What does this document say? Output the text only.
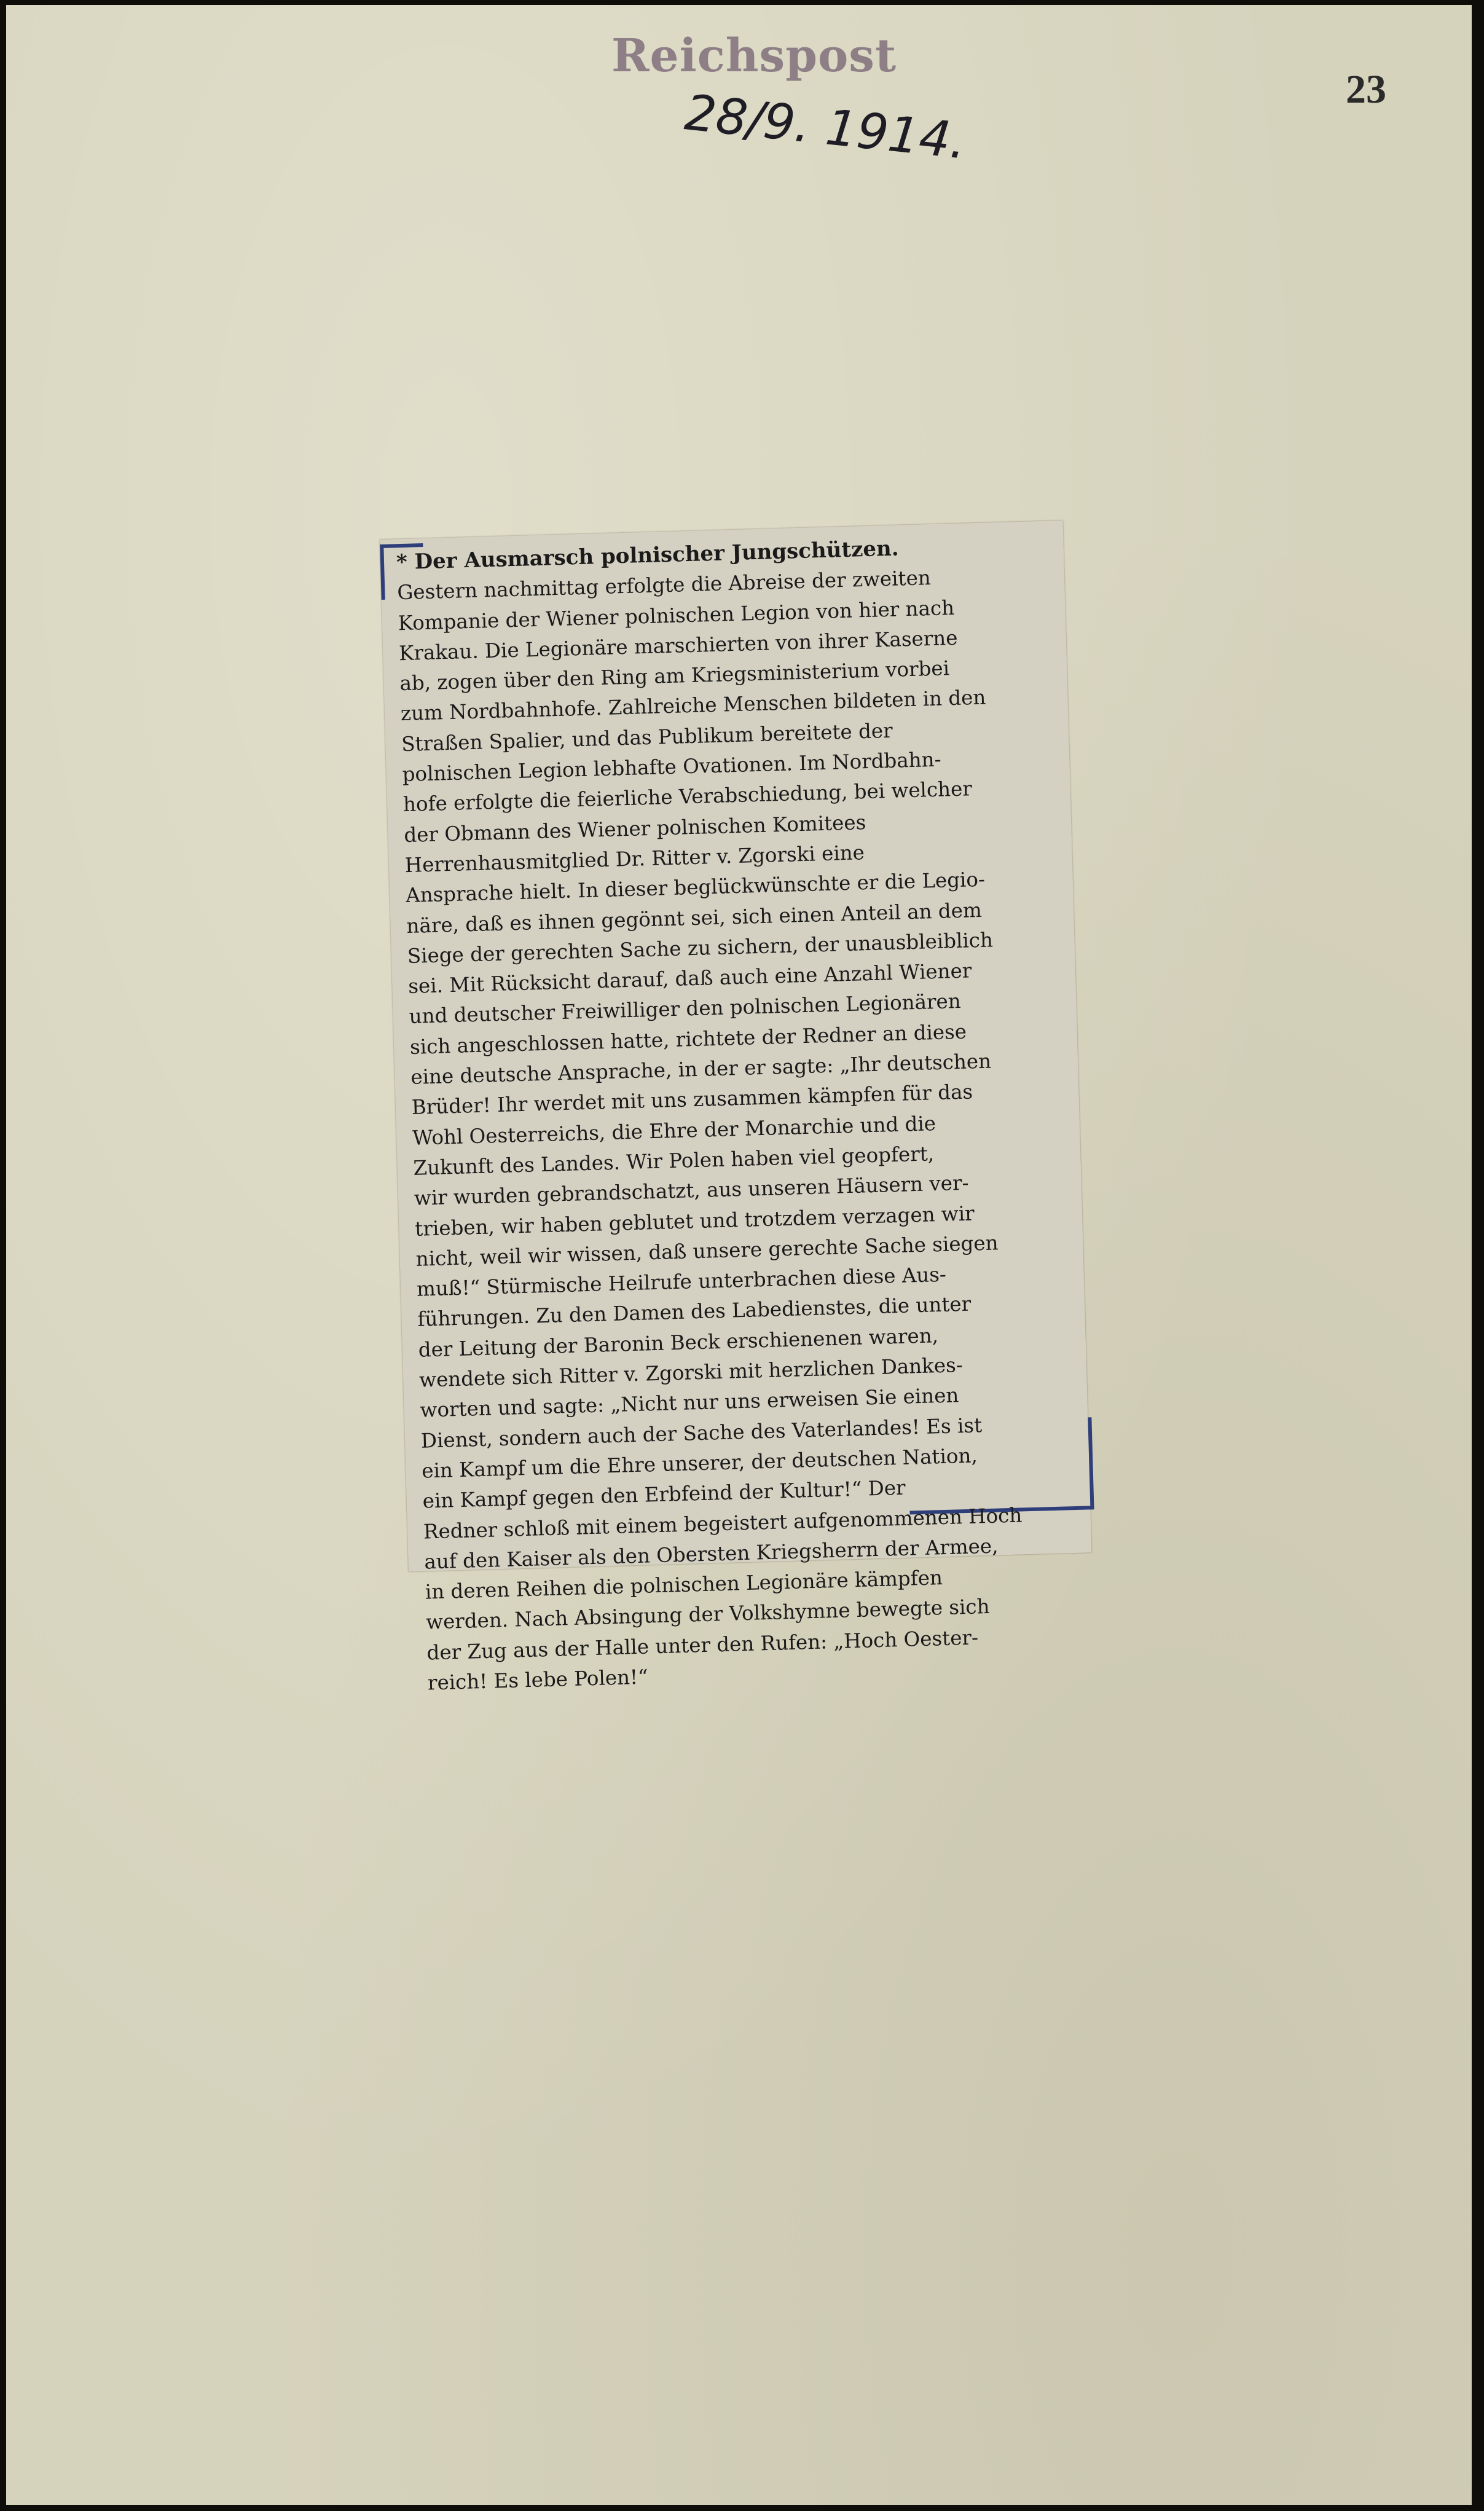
Reichspost
28/9. 1914.	23
* Der Ausmarsch polnischer Jungschützen.
Gestern nachmittag erfolgte die Abreise der zweiten
Kompanie der Wiener polnischen Legion von hier nach
Krakau. Die Legionäre marschierten von ihrer Kaserne
ab, zogen über den Ring am Kriegsministerium vorbei
zum Nordbahnhofe. Zahlreiche Menschen bildeten in den
Straßen Spalier, und das Publikum bereitete der
polnischen Legion lebhafte Ovationen. Im Nordbahn-
hofe erfolgte die feierliche Verabschiedung, bei welcher
der Obmann des Wiener polnischen Komitees
Herrenhausmitglied Dr. Ritter v. Zgorski eine
Ansprache hielt. In dieser beglückwünschte er die Legio-
näre, daß es ihnen gegönnt sei, sich einen Anteil an dem
Siege der gerechten Sache zu sichern, der unausbleiblich
sei. Mit Rücksicht darauf, daß auch eine Anzahl Wiener
und deutscher Freiwilliger den polnischen Legionären
sich angeschlossen hatte, richtete der Redner an diese
eine deutsche Ansprache, in der er sagte: „Ihr deutschen
Brüder! Ihr werdet mit uns zusammen kämpfen für das
Wohl Oesterreichs, die Ehre der Monarchie und die
Zukunft des Landes. Wir Polen haben viel geopfert,
wir wurden gebrandschatzt, aus unseren Häusern ver-
trieben, wir haben geblutet und trotzdem verzagen wir
nicht, weil wir wissen, daß unsere gerechte Sache siegen
muß!“ Stürmische Heilrufe unterbrachen diese Aus-
führungen. Zu den Damen des Labedienstes, die unter
der Leitung der Baronin Beck erschienenen waren,
wendete sich Ritter v. Zgorski mit herzlichen Dankes-
worten und sagte: „Nicht nur uns erweisen Sie einen
Dienst, sondern auch der Sache des Vaterlandes! Es ist
ein Kampf um die Ehre unserer, der deutschen Nation,
ein Kampf gegen den Erbfeind der Kultur!“ Der
Redner schloß mit einem begeistert aufgenommenen Hoch
auf den Kaiser als den Obersten Kriegsherrn der Armee,
in deren Reihen die polnischen Legionäre kämpfen
werden. Nach Absingung der Volkshymne bewegte sich
der Zug aus der Halle unter den Rufen: „Hoch Oester-
reich! Es lebe Polen!“
